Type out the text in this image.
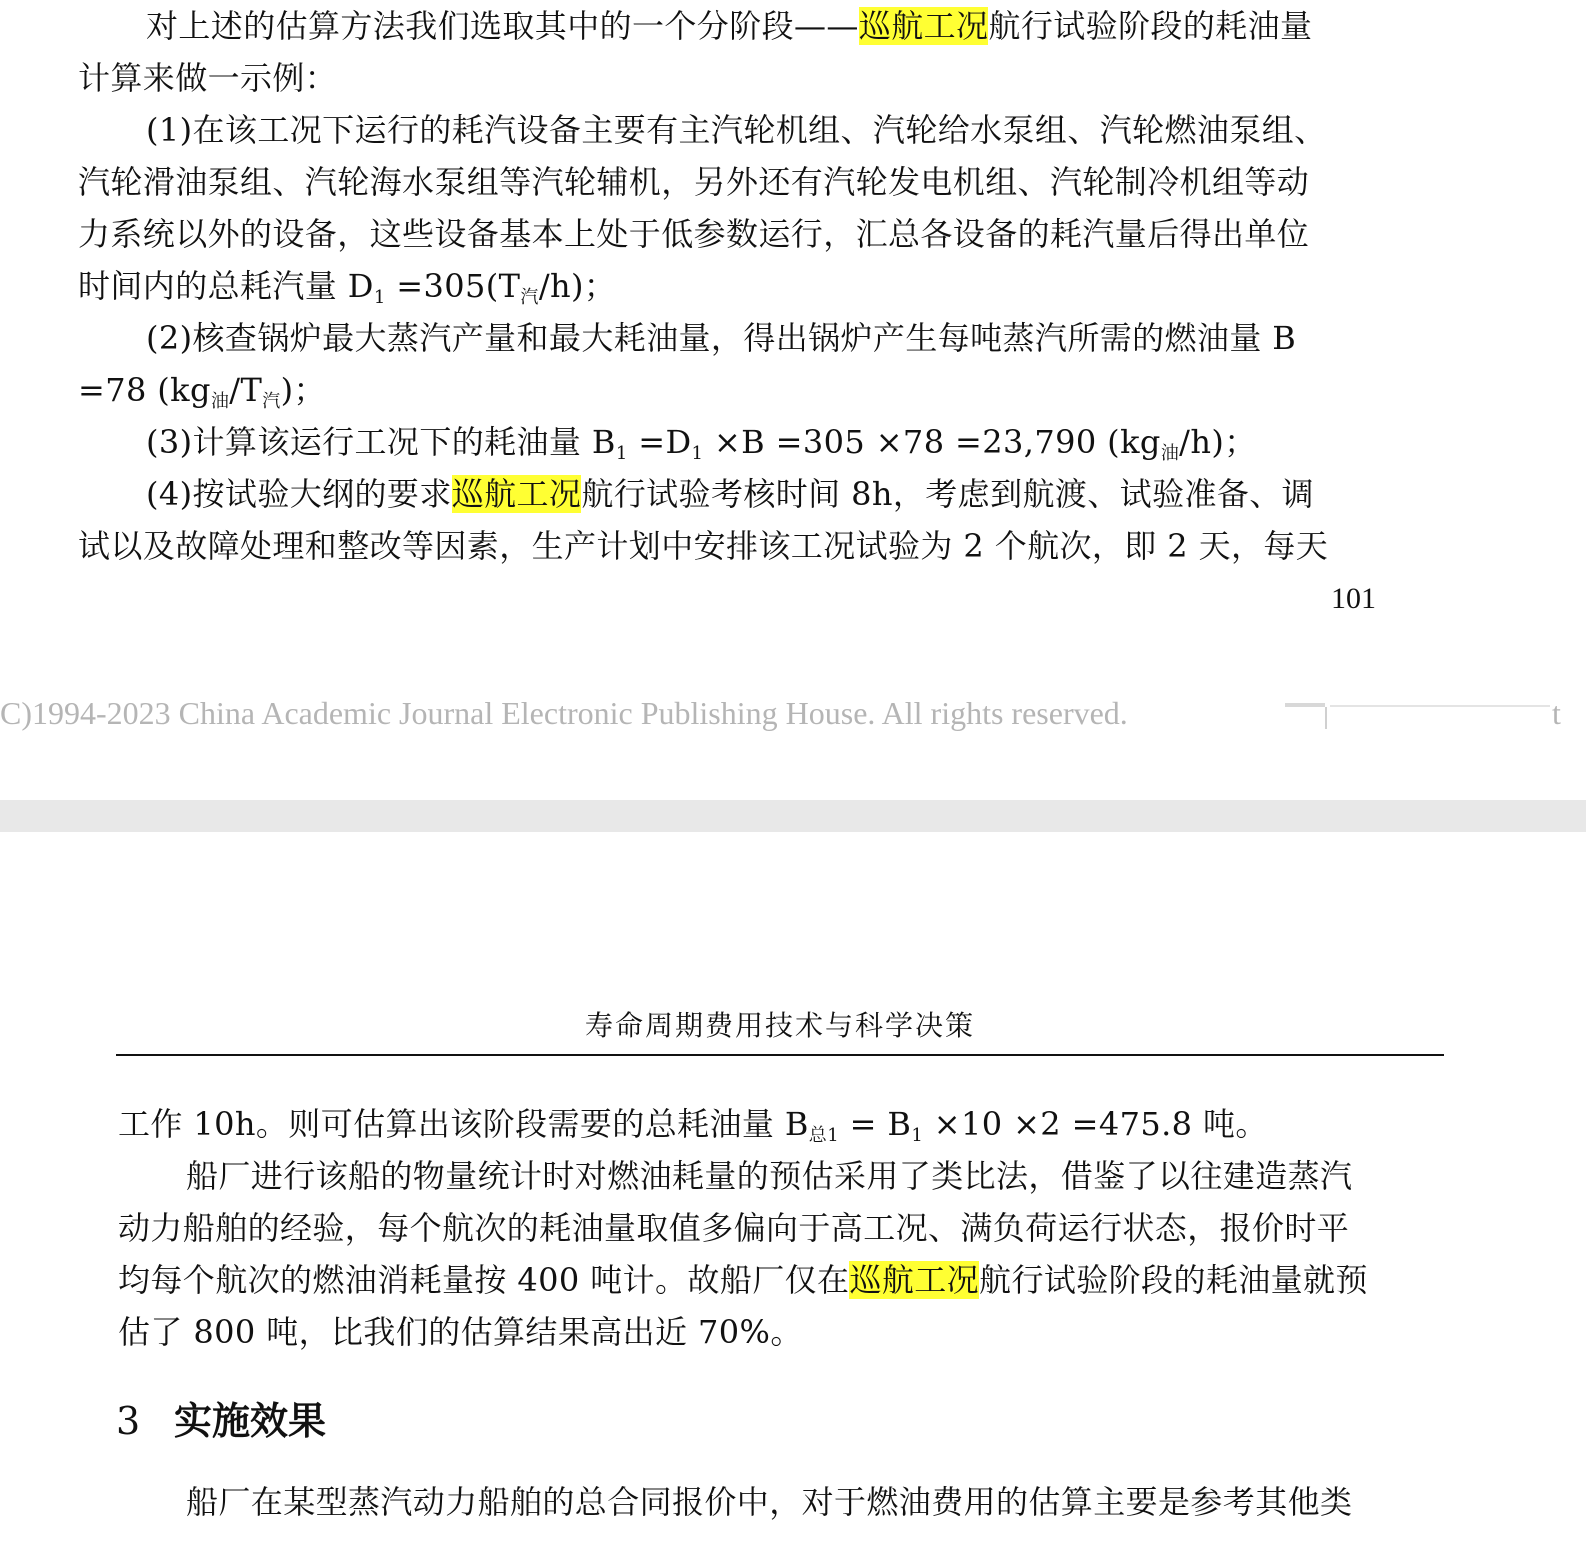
对上述的估算方法我们选取其中的一个分阶段——巡航工况航行试验阶段的耗油量
计算来做一示例：
(1)在该工况下运行的耗汽设备主要有主汽轮机组、汽轮给水泵组、汽轮燃油泵组、
汽轮滑油泵组、汽轮海水泵组等汽轮辅机，另外还有汽轮发电机组、汽轮制冷机组等动
力系统以外的设备，这些设备基本上处于低参数运行，汇总各设备的耗汽量后得出单位
时间内的总耗汽量 $D_1 =305(T_汽/h)$；
(2)核查锅炉最大蒸汽产量和最大耗油量，得出锅炉产生每吨蒸汽所需的燃油量 B
=78 $(kg_油/T_汽)$；
(3)计算该运行工况下的耗油量 $B_1 =D_1 \times B =305 \times 78 =23,790$ $(kg_油/h)$；
(4)按试验大纲的要求巡航工况航行试验考核时间 8h，考虑到航渡、试验准备、调
试以及故障处理和整改等因素，生产计划中安排该工况试验为 2 个航次，即 2 天，每天
101
C)1994-2023 China Academic Journal Electronic Publishing House. All rights reserved.	t
寿命周期费用技术与科学决策
工作 10h。则可估算出该阶段需要的总耗油量 $B_{总1} = B_1 \times 10 \times 2 =475.8$ 吨。
船厂进行该船的物量统计时对燃油耗量的预估采用了类比法，借鉴了以往建造蒸汽
动力船舶的经验，每个航次的耗油量取值多偏向于高工况、满负荷运行状态，报价时平
均每个航次的燃油消耗量按 400 吨计。故船厂仅在巡航工况航行试验阶段的耗油量就预
估了 800 吨，比我们的估算结果高出近 70%。
3 实施效果
船厂在某型蒸汽动力船舶的总合同报价中，对于燃油费用的估算主要是参考其他类
